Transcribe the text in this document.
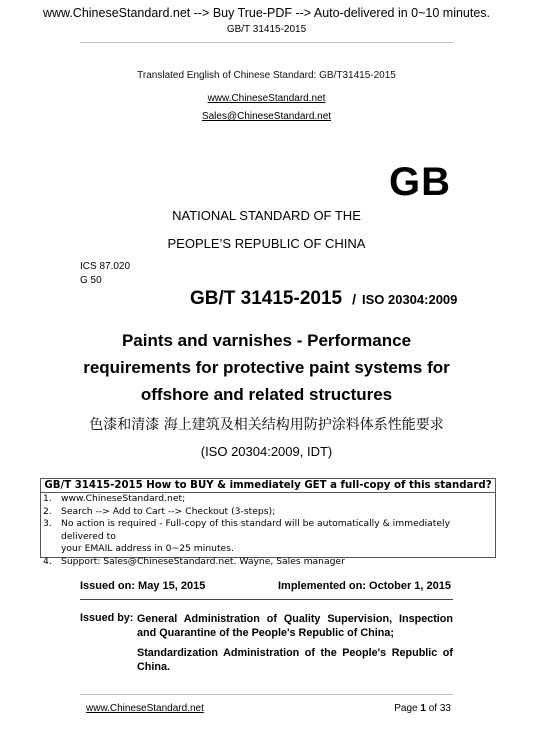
www.ChineseStandard.net --> Buy True-PDF --> Auto-delivered in 0~10 minutes.
GB/T 31415-2015
Translated English of Chinese Standard: GB/T31415-2015
www.ChineseStandard.net
Sales@ChineseStandard.net
GB
NATIONAL STANDARD OF THE
PEOPLE’S REPUBLIC OF CHINA
ICS 87.020
G 50
GB/T 31415-2015 / ISO 20304:2009
Paints and varnishes - Performance
requirements for protective paint systems for
offshore and related structures
色漆和清漆 海上建筑及相关结构用防护涂料体系性能要求
(ISO 20304:2009, IDT)
GB/T 31415-2015 How to BUY & immediately GET a full-copy of this standard?
1. www.ChineseStandard.net;
2. Search --> Add to Cart --> Checkout (3-steps);
3. No action is required - Full-copy of this standard will be automatically & immediately delivered to
your EMAIL address in 0~25 minutes.
4. Support: Sales@ChineseStandard.net. Wayne, Sales manager
Issued on: May 15, 2015	Implemented on: October 1, 2015
Issued by: General Administration of Quality Supervision, Inspection and Quarantine of the People's Republic of China;
Standardization Administration of the People's Republic of China.
www.ChineseStandard.net	Page 1 of 33
